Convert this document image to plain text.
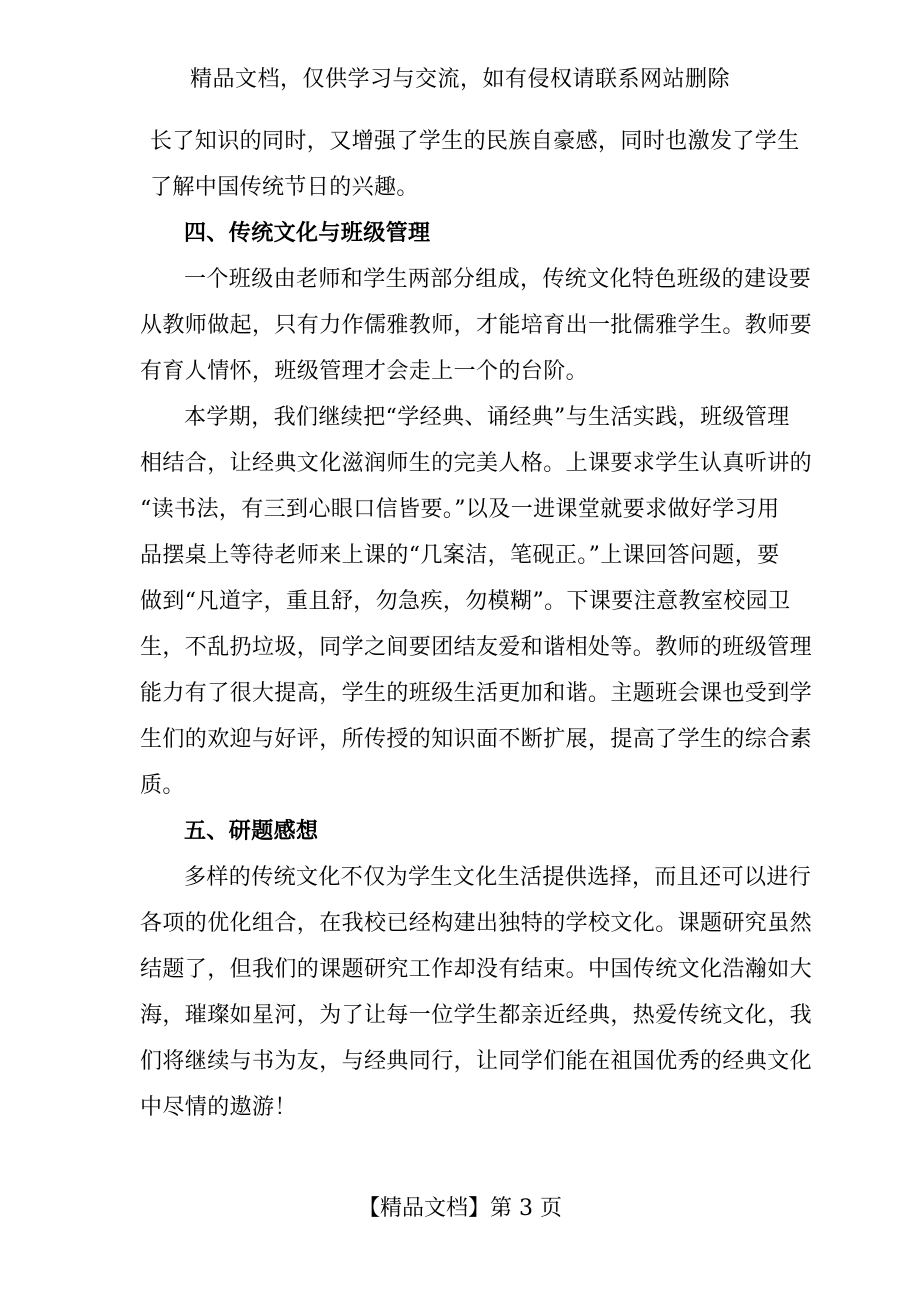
精品文档，仅供学习与交流，如有侵权请联系网站删除
长了知识的同时，又增强了学生的民族自豪感，同时也激发了学生
了解中国传统节日的兴趣。
四、传统文化与班级管理
一个班级由老师和学生两部分组成，传统文化特色班级的建设要
从教师做起，只有力作儒雅教师，才能培育出一批儒雅学生。教师要
有育人情怀，班级管理才会走上一个的台阶。
本学期，我们继续把“学经典、诵经典”与生活实践，班级管理
相结合，让经典文化滋润师生的完美人格。上课要求学生认真听讲的
“读书法，有三到心眼口信皆要。”以及一进课堂就要求做好学习用
品摆桌上等待老师来上课的“几案洁，笔砚正。”上课回答问题，要
做到“凡道字，重且舒，勿急疾，勿模糊”。下课要注意教室校园卫
生，不乱扔垃圾，同学之间要团结友爱和谐相处等。教师的班级管理
能力有了很大提高，学生的班级生活更加和谐。主题班会课也受到学
生们的欢迎与好评，所传授的知识面不断扩展，提高了学生的综合素
质。
五、研题感想
多样的传统文化不仅为学生文化生活提供选择，而且还可以进行
各项的优化组合，在我校已经构建出独特的学校文化。课题研究虽然
结题了，但我们的课题研究工作却没有结束。中国传统文化浩瀚如大
海，璀璨如星河，为了让每一位学生都亲近经典，热爱传统文化，我
们将继续与书为友，与经典同行，让同学们能在祖国优秀的经典文化
中尽情的遨游！
【精品文档】第 3 页
